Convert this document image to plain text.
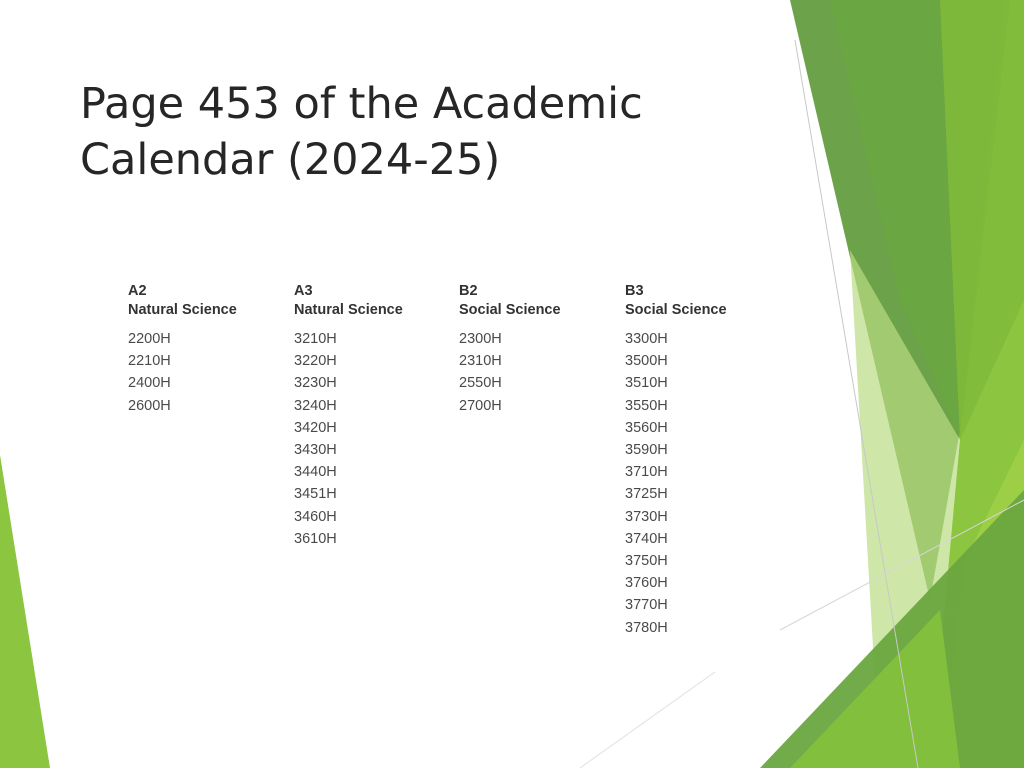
Page 453 of the Academic
Calendar (2024-25)
A2
Natural Science
2200H
2210H
2400H
2600H
A3
Natural Science
3210H
3220H
3230H
3240H
3420H
3430H
3440H
3451H
3460H
3610H
B2
Social Science
2300H
2310H
2550H
2700H
B3
Social Science
3300H
3500H
3510H
3550H
3560H
3590H
3710H
3725H
3730H
3740H
3750H
3760H
3770H
3780H
